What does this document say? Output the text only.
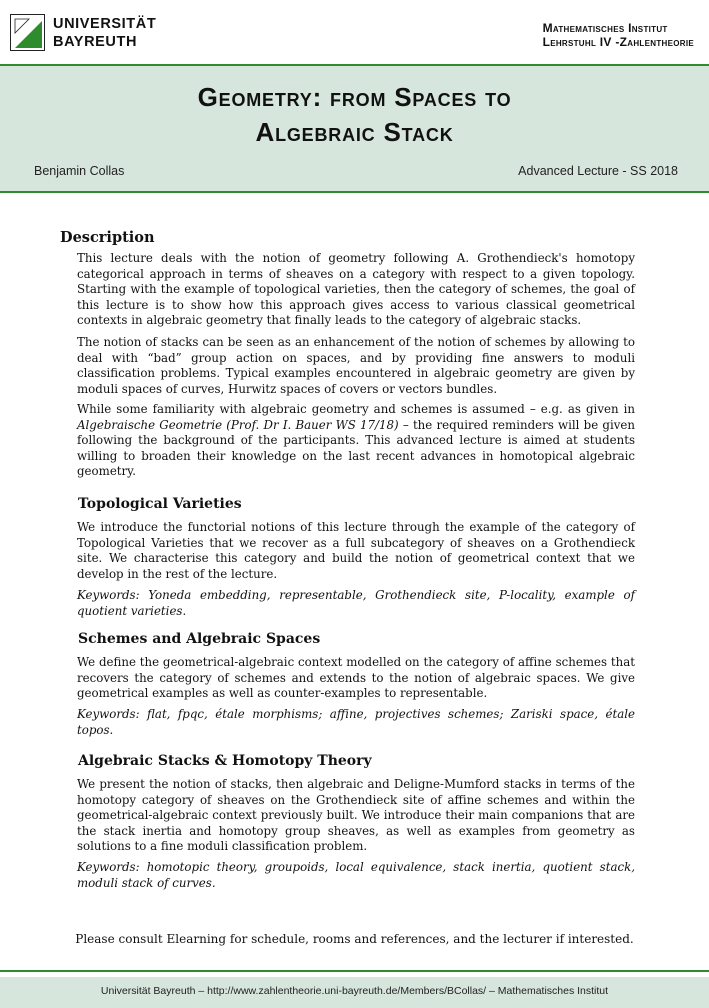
UNIVERSITÄT
BAYREUTH
Mathematisches Institut
Lehrstuhl IV -Zahlentheorie
Geometry: from Spaces to
Algebraic Stack
Benjamin Collas	Advanced Lecture - SS 2018
Description

This lecture deals with the notion of geometry following A. Grothendieck's homotopy categorical approach in terms of sheaves on a category with respect to a given topology. Starting with the example of topological varieties, then the category of schemes, the goal of this lecture is to show how this approach gives access to various classical geometrical contexts in algebraic geometry that finally leads to the category of algebraic stacks.

The notion of stacks can be seen as an enhancement of the notion of schemes by allowing to deal with “bad” group action on spaces, and by providing fine answers to moduli classification problems. Typical examples encountered in algebraic geometry are given by moduli spaces of curves, Hurwitz spaces of covers or vectors bundles.

While some familiarity with algebraic geometry and schemes is assumed – e.g. as given in Algebraische Geometrie (Prof. Dr I. Bauer WS 17/18) – the required reminders will be given following the background of the participants. This advanced lecture is aimed at students willing to broaden their knowledge on the last recent advances in homotopical algebraic geometry.

Topological Varieties

We introduce the functorial notions of this lecture through the example of the category of Topological Varieties that we recover as a full subcategory of sheaves on a Grothendieck site. We characterise this category and build the notion of geometrical context that we develop in the rest of the lecture.

Keywords: Yoneda embedding, representable, Grothendieck site, P-locality, example of quotient varieties.

Schemes and Algebraic Spaces

We define the geometrical-algebraic context modelled on the category of affine schemes that recovers the category of schemes and extends to the notion of algebraic spaces. We give geometrical examples as well as counter-examples to representable.

Keywords: flat, fpqc, étale morphisms; affine, projectives schemes; Zariski space, étale topos.

Algebraic Stacks & Homotopy Theory

We present the notion of stacks, then algebraic and Deligne-Mumford stacks in terms of the homotopy category of sheaves on the Grothendieck site of affine schemes and within the geometrical-algebraic context previously built. We introduce their main companions that are the stack inertia and homotopy group sheaves, as well as examples from geometry as solutions to a fine moduli classification problem.

Keywords: homotopic theory, groupoids, local equivalence, stack inertia, quotient stack, moduli stack of curves.

Please consult Elearning for schedule, rooms and references, and the lecturer if interested.
Universität Bayreuth – http://www.zahlentheorie.uni-bayreuth.de/Members/BCollas/ – Mathematisches Institut
